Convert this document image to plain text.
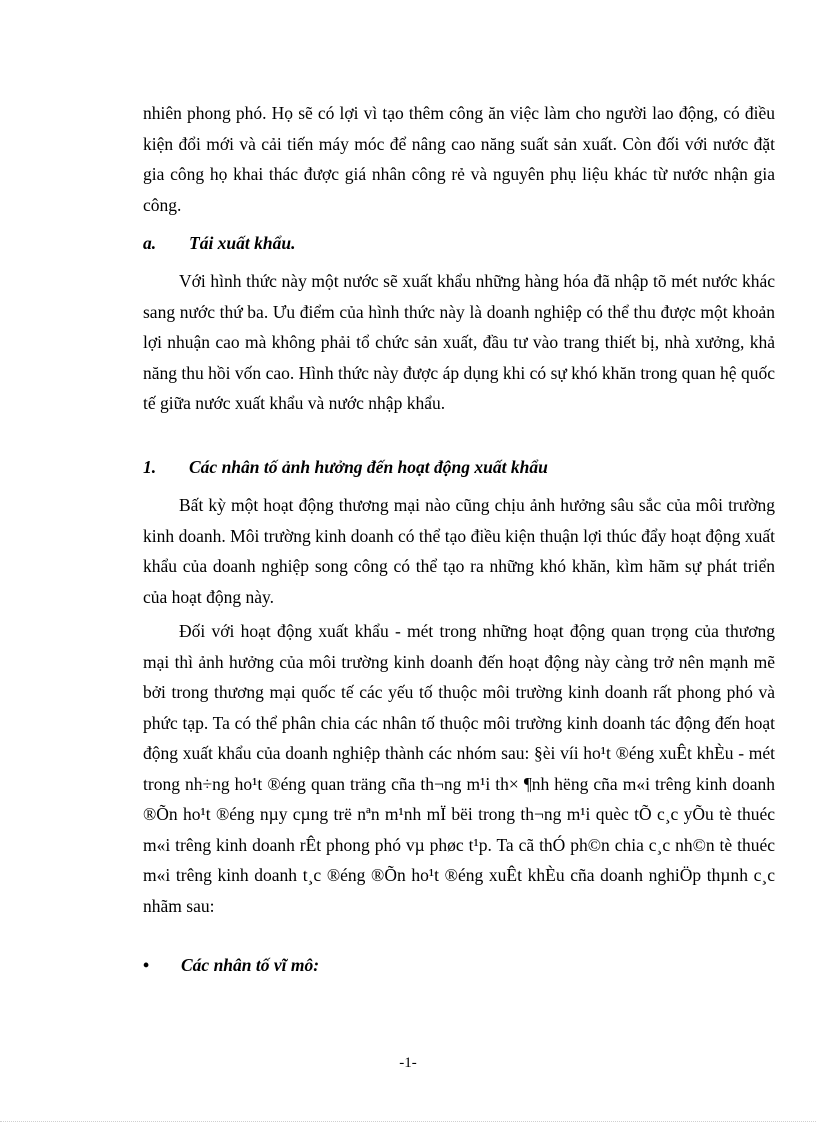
nhiên phong phó. Họ sẽ có lợi vì tạo thêm công ăn việc làm cho người lao động, có điều kiện đổi mới và cải tiến máy móc để nâng cao năng suất sản xuất. Còn đối với nước đặt gia công họ khai thác được giá nhân công rẻ và nguyên phụ liệu khác từ nước nhận gia công.

a. Tái xuất khẩu.

Với hình thức này một nước sẽ xuất khẩu những hàng hóa đã nhập tõ mét nước khác sang nước thứ ba. Ưu điểm của hình thức này là doanh nghiệp có thể thu được một khoản lợi nhuận cao mà không phải tổ chức sản xuất, đầu tư vào trang thiết bị, nhà xưởng, khả năng thu hồi vốn cao. Hình thức này được áp dụng khi có sự khó khăn trong quan hệ quốc tế giữa nước xuất khẩu và nước nhập khẩu.

1. Các nhân tố ảnh hưởng đến hoạt động xuất khẩu

Bất kỳ một hoạt động thương mại nào cũng chịu ảnh hưởng sâu sắc của môi trường kinh doanh. Môi trường kinh doanh có thể tạo điều kiện thuận lợi thúc đẩy hoạt động xuất khẩu của doanh nghiệp song công có thể tạo ra những khó khăn, kìm hãm sự phát triển của hoạt động này.

Đối với hoạt động xuất khẩu - mét trong những hoạt động quan trọng của thương mại thì ảnh hưởng của môi trường kinh doanh đến hoạt động này càng trở nên mạnh mẽ bởi trong thương mại quốc tế các yếu tố thuộc môi trường kinh doanh rất phong phó và phức tạp. Ta có thể phân chia các nhân tố thuộc môi trường kinh doanh tác động đến hoạt động xuất khẩu của doanh nghiệp thành các nhóm sau: §èi víi ho¹t ®éng xuÊt khÈu - mét trong nh÷ng ho¹t ®éng quan träng cña th¬ng m¹i th× ¶nh hëng cña m«i trêng kinh doanh ®Õn ho¹t ®éng nµy cµng trë nªn m¹nh mÏ bëi trong th¬ng m¹i quèc tÕ c¸c yÕu tè thuéc m«i trêng kinh doanh rÊt phong phó vµ phøc t¹p. Ta cã thÓ ph©n chia c¸c nh©n tè thuéc m«i trêng kinh doanh t¸c ®éng ®Õn ho¹t ®éng xuÊt khÈu cña doanh nghiÖp thµnh c¸c nhãm sau:

• Các nhân tố vĩ mô:
-1-
